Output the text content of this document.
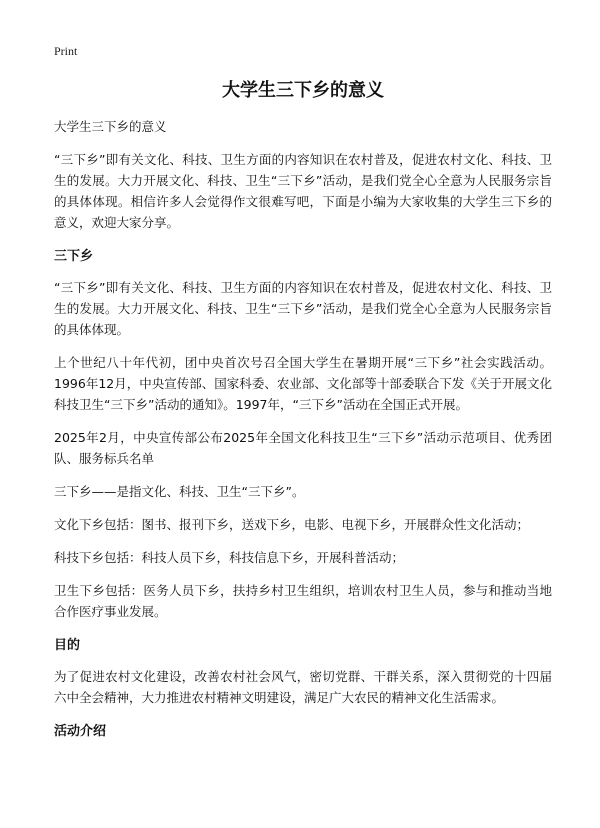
Print
大学生三下乡的意义
大学生三下乡的意义

“三下乡”即有关文化、科技、卫生方面的内容知识在农村普及，促进农村文化、科技、卫生的发展。大力开展文化、科技、卫生“三下乡”活动，是我们党全心全意为人民服务宗旨的具体体现。相信许多人会觉得作文很难写吧，下面是小编为大家收集的大学生三下乡的意义，欢迎大家分享。

三下乡

“三下乡”即有关文化、科技、卫生方面的内容知识在农村普及，促进农村文化、科技、卫生的发展。大力开展文化、科技、卫生“三下乡”活动，是我们党全心全意为人民服务宗旨的具体体现。

上个世纪八十年代初，团中央首次号召全国大学生在暑期开展“三下乡”社会实践活动。1996年12月，中央宣传部、国家科委、农业部、文化部等十部委联合下发《关于开展文化科技卫生“三下乡”活动的通知》。1997年，“三下乡”活动在全国正式开展。

2025年2月，中央宣传部公布2025年全国文化科技卫生“三下乡”活动示范项目、优秀团队、服务标兵名单

三下乡——是指文化、科技、卫生“三下乡”。

文化下乡包括：图书、报刊下乡，送戏下乡，电影、电视下乡，开展群众性文化活动；

科技下乡包括：科技人员下乡，科技信息下乡，开展科普活动；

卫生下乡包括：医务人员下乡，扶持乡村卫生组织，培训农村卫生人员，参与和推动当地合作医疗事业发展。

目的

为了促进农村文化建设，改善农村社会风气，密切党群、干群关系，深入贯彻党的十四届六中全会精神，大力推进农村精神文明建设，满足广大农民的精神文化生活需求。

活动介绍
